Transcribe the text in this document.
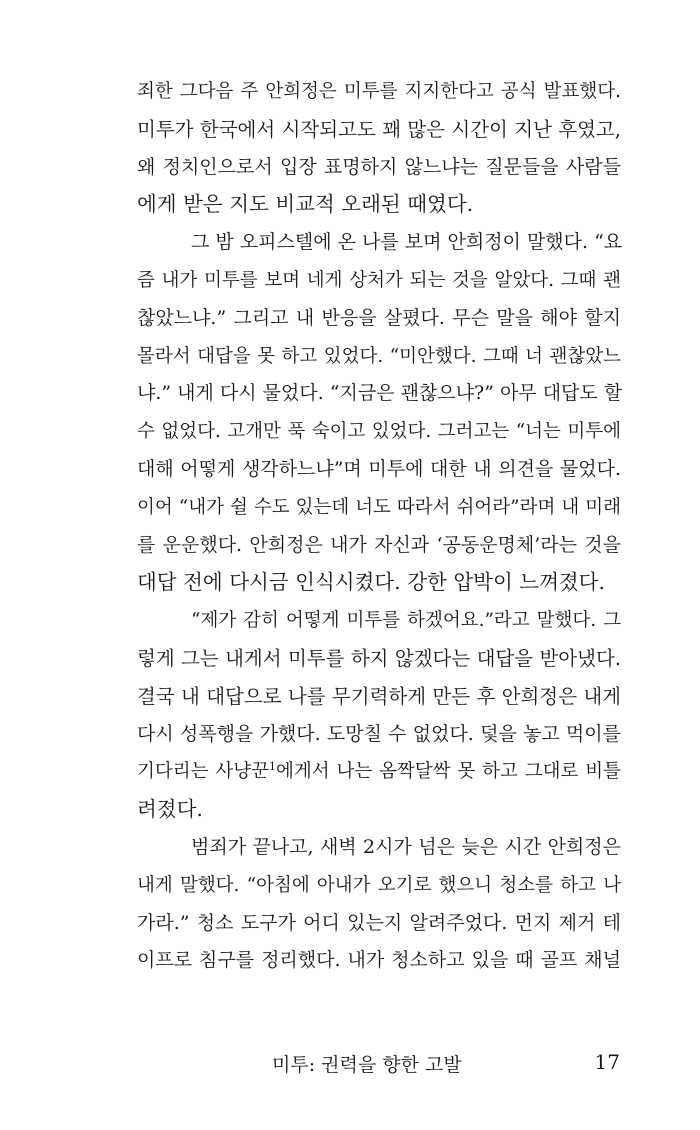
죄한 그다음 주 안희정은 미투를 지지한다고 공식 발표했다.
미투가 한국에서 시작되고도 꽤 많은 시간이 지난 후였고,
왜 정치인으로서 입장 표명하지 않느냐는 질문들을 사람들
에게 받은 지도 비교적 오래된 때였다.
그 밤 오피스텔에 온 나를 보며 안희정이 말했다. “요
즘 내가 미투를 보며 네게 상처가 되는 것을 알았다. 그때 괜
찮았느냐.” 그리고 내 반응을 살폈다. 무슨 말을 해야 할지
몰라서 대답을 못 하고 있었다. “미안했다. 그때 너 괜찮았느
냐.” 내게 다시 물었다. “지금은 괜찮으냐?” 아무 대답도 할
수 없었다. 고개만 푹 숙이고 있었다. 그러고는 “너는 미투에
대해 어떻게 생각하느냐”며 미투에 대한 내 의견을 물었다.
이어 “내가 쉴 수도 있는데 너도 따라서 쉬어라”라며 내 미래
를 운운했다. 안희정은 내가 자신과 ‘공동운명체’라는 것을
대답 전에 다시금 인식시켰다. 강한 압박이 느껴졌다.
“제가 감히 어떻게 미투를 하겠어요.”라고 말했다. 그
렇게 그는 내게서 미투를 하지 않겠다는 대답을 받아냈다.
결국 내 대답으로 나를 무기력하게 만든 후 안희정은 내게
다시 성폭행을 가했다. 도망칠 수 없었다. 덫을 놓고 먹이를
기다리는 사냥꾼$^1$에게서 나는 옴짝달싹 못 하고 그대로 비틀
려졌다.
범죄가 끝나고, 새벽 2시가 넘은 늦은 시간 안희정은
내게 말했다. “아침에 아내가 오기로 했으니 청소를 하고 나
가라.” 청소 도구가 어디 있는지 알려주었다. 먼지 제거 테
이프로 침구를 정리했다. 내가 청소하고 있을 때 골프 채널
미투: 권력을 향한 고발	17
